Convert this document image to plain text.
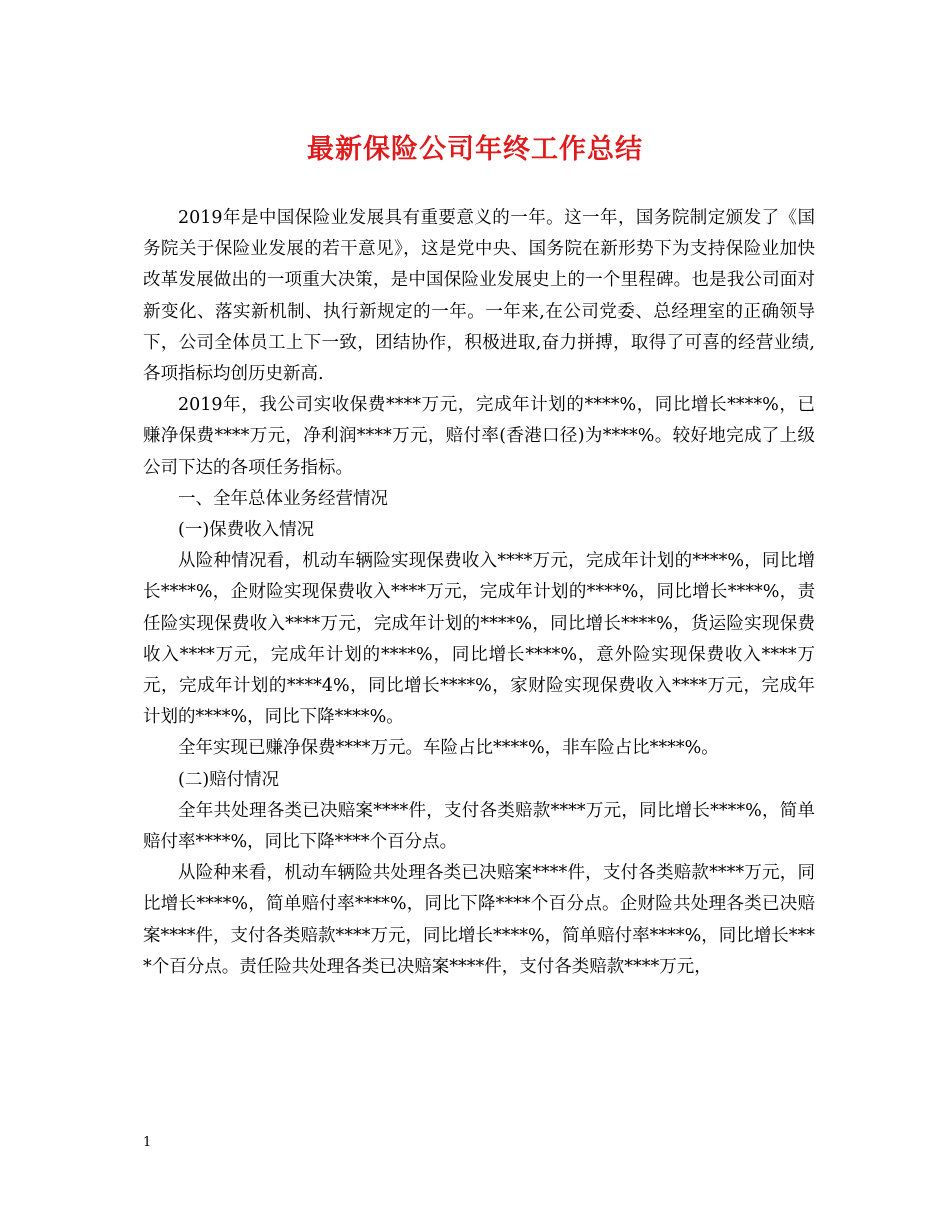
最新保险公司年终工作总结

2019年是中国保险业发展具有重要意义的一年。这一年，国务院制定颁发了《国务院关于保险业发展的若干意见》，这是党中央、国务院在新形势下为支持保险业加快改革发展做出的一项重大决策，是中国保险业发展史上的一个里程碑。也是我公司面对新变化、落实新机制、执行新规定的一年。一年来,在公司党委、总经理室的正确领导下，公司全体员工上下一致，团结协作，积极进取,奋力拼搏，取得了可喜的经营业绩,各项指标均创历史新高.

2019年，我公司实收保费****万元，完成年计划的****%，同比增长****%，已赚净保费****万元，净利润****万元，赔付率(香港口径)为****%。较好地完成了上级公司下达的各项任务指标。

一、全年总体业务经营情况

(一)保费收入情况

从险种情况看，机动车辆险实现保费收入****万元，完成年计划的****%，同比增长****%，企财险实现保费收入****万元，完成年计划的****%，同比增长****%，责任险实现保费收入****万元，完成年计划的****%，同比增长****%，货运险实现保费收入****万元，完成年计划的****%，同比增长****%，意外险实现保费收入****万元，完成年计划的****4%，同比增长****%，家财险实现保费收入****万元，完成年计划的****%，同比下降****%。

全年实现已赚净保费****万元。车险占比****%，非车险占比****%。

(二)赔付情况

全年共处理各类已决赔案****件，支付各类赔款****万元，同比增长****%，简单赔付率****%，同比下降****个百分点。

从险种来看，机动车辆险共处理各类已决赔案****件，支付各类赔款****万元，同比增长****%，简单赔付率****%，同比下降****个百分点。企财险共处理各类已决赔案****件，支付各类赔款****万元，同比增长****%，简单赔付率****%，同比增长****个百分点。责任险共处理各类已决赔案****件，支付各类赔款****万元，

1
